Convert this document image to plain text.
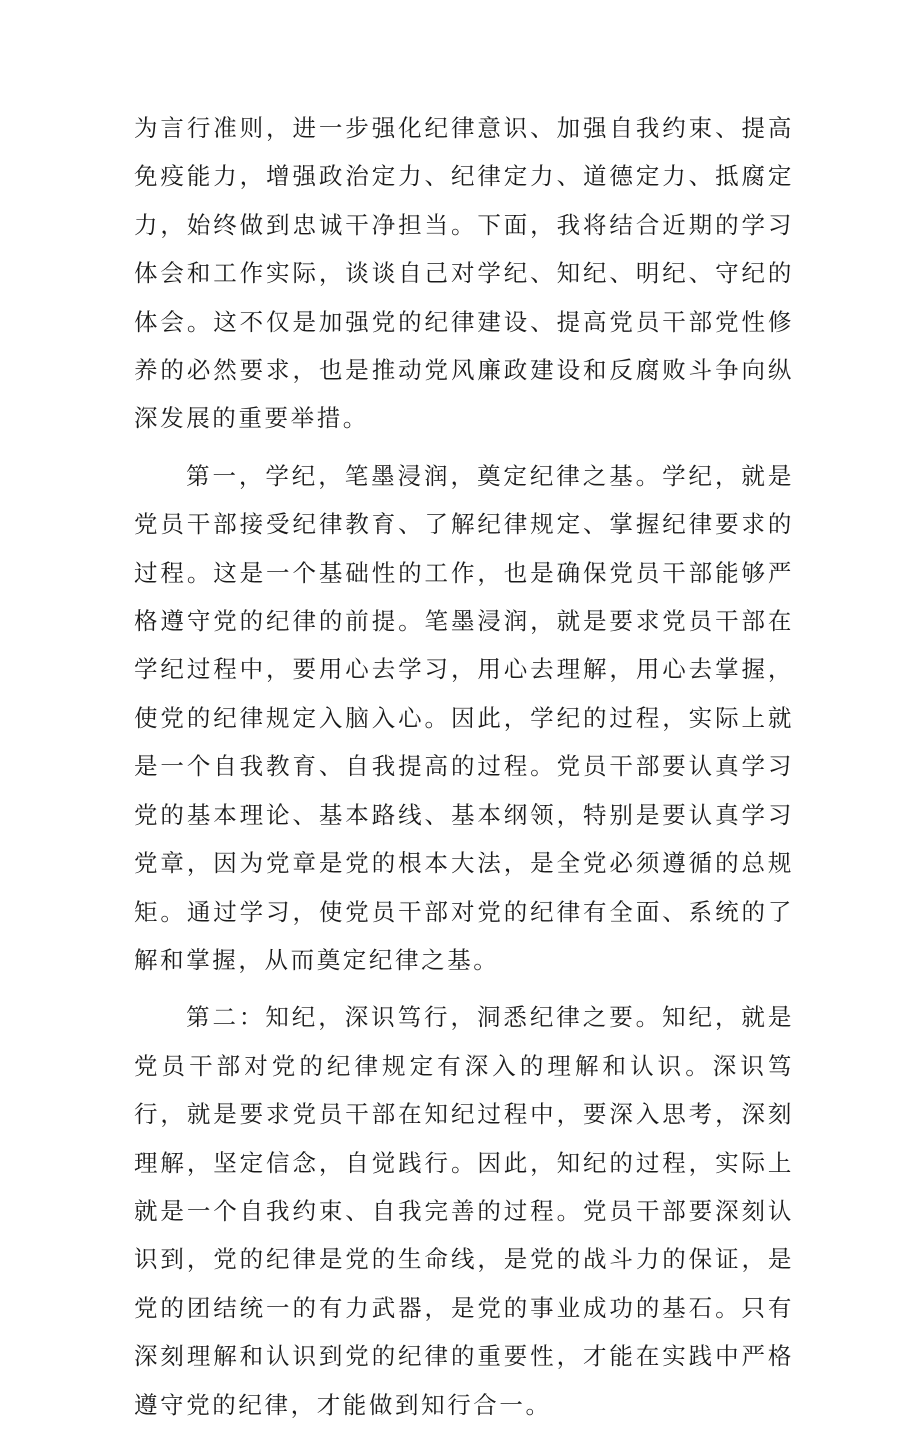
为言行准则，进一步强化纪律意识、加强自我约束、提高免疫能力，增强政治定力、纪律定力、道德定力、抵腐定力，始终做到忠诚干净担当。下面，我将结合近期的学习体会和工作实际，谈谈自己对学纪、知纪、明纪、守纪的体会。这不仅是加强党的纪律建设、提高党员干部党性修养的必然要求，也是推动党风廉政建设和反腐败斗争向纵深发展的重要举措。

第一，学纪，笔墨浸润，奠定纪律之基。学纪，就是党员干部接受纪律教育、了解纪律规定、掌握纪律要求的过程。这是一个基础性的工作，也是确保党员干部能够严格遵守党的纪律的前提。笔墨浸润，就是要求党员干部在学纪过程中，要用心去学习，用心去理解，用心去掌握，使党的纪律规定入脑入心。因此，学纪的过程，实际上就是一个自我教育、自我提高的过程。党员干部要认真学习党的基本理论、基本路线、基本纲领，特别是要认真学习党章，因为党章是党的根本大法，是全党必须遵循的总规矩。通过学习，使党员干部对党的纪律有全面、系统的了解和掌握，从而奠定纪律之基。

第二：知纪，深识笃行，洞悉纪律之要。知纪，就是党员干部对党的纪律规定有深入的理解和认识。深识笃行，就是要求党员干部在知纪过程中，要深入思考，深刻理解，坚定信念，自觉践行。因此，知纪的过程，实际上就是一个自我约束、自我完善的过程。党员干部要深刻认识到，党的纪律是党的生命线，是党的战斗力的保证，是党的团结统一的有力武器，是党的事业成功的基石。只有深刻理解和认识到党的纪律的重要性，才能在实践中严格遵守党的纪律，才能做到知行合一。
